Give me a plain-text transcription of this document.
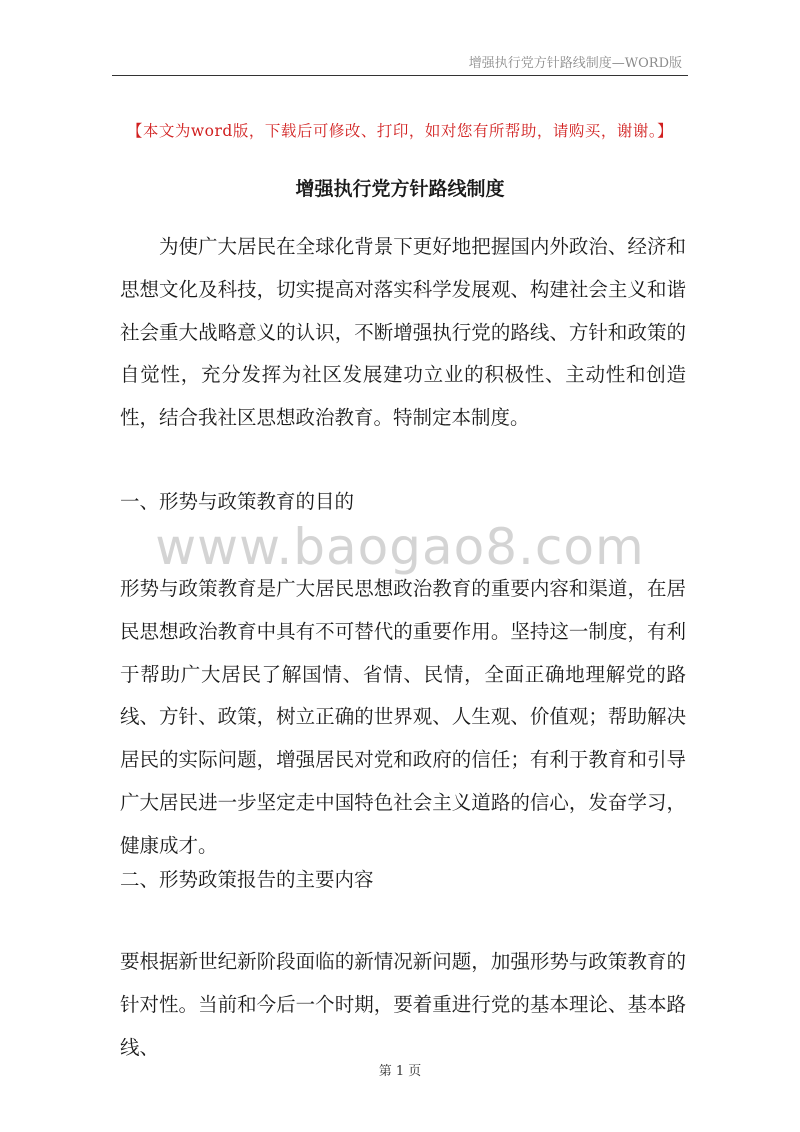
增强执行党方针路线制度—WORD版
【本文为word版，下载后可修改、打印，如对您有所帮助，请购买，谢谢。】
增强执行党方针路线制度

为使广大居民在全球化背景下更好地把握国内外政治、经济和思想文化及科技，切实提高对落实科学发展观、构建社会主义和谐社会重大战略意义的认识，不断增强执行党的路线、方针和政策的自觉性，充分发挥为社区发展建功立业的积极性、主动性和创造性，结合我社区思想政治教育。特制定本制度。

一、形势与政策教育的目的

www.baogao8.com

形势与政策教育是广大居民思想政治教育的重要内容和渠道，在居民思想政治教育中具有不可替代的重要作用。坚持这一制度，有利于帮助广大居民了解国情、省情、民情，全面正确地理解党的路线、方针、政策，树立正确的世界观、人生观、价值观；帮助解决居民的实际问题，增强居民对党和政府的信任；有利于教育和引导广大居民进一步坚定走中国特色社会主义道路的信心，发奋学习，健康成才。

二、形势政策报告的主要内容

要根据新世纪新阶段面临的新情况新问题，加强形势与政策教育的针对性。当前和今后一个时期，要着重进行党的基本理论、基本路线、

第 1 页
